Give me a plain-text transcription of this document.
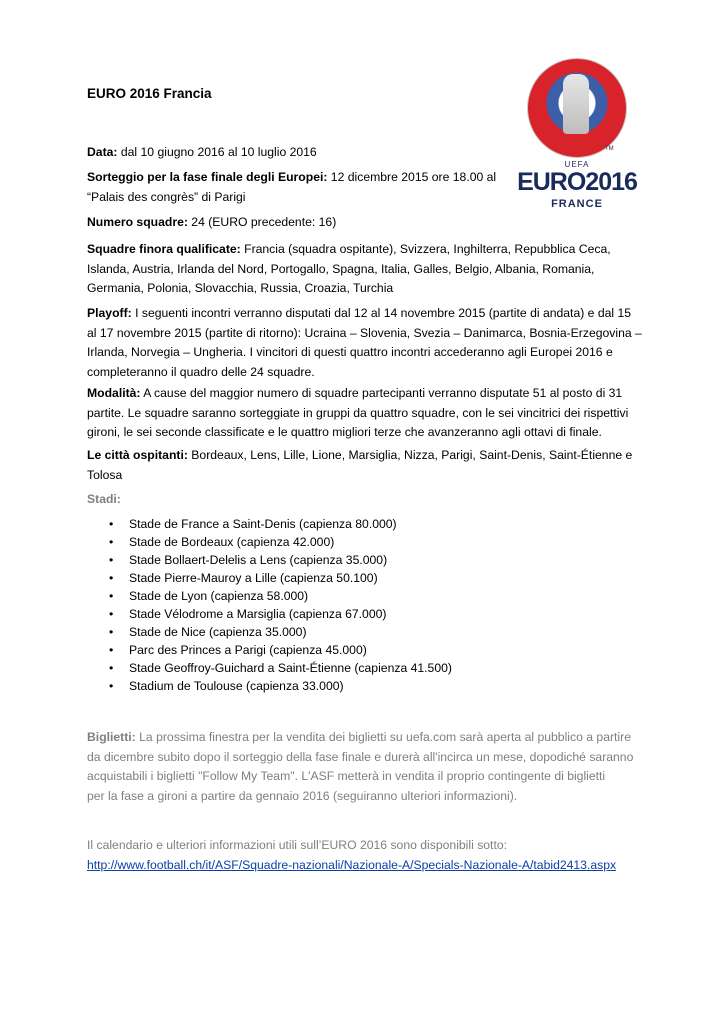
EURO 2016 Francia
TM
UEFA
EURO2016
FRANCE
Data: dal 10 giugno 2016 al 10 luglio 2016
Sorteggio per la fase finale degli Europei: 12 dicembre 2015 ore 18.00 al
“Palais des congrès” di Parigi
Numero squadre: 24 (EURO precedente: 16)
Squadre finora qualificate: Francia (squadra ospitante), Svizzera, Inghilterra, Repubblica Ceca,
Islanda, Austria, Irlanda del Nord, Portogallo, Spagna, Italia, Galles, Belgio, Albania, Romania,
Germania, Polonia, Slovacchia, Russia, Croazia, Turchia
Playoff: I seguenti incontri verranno disputati dal 12 al 14 novembre 2015 (partite di andata) e dal 15
al 17 novembre 2015 (partite di ritorno): Ucraina – Slovenia, Svezia – Danimarca, Bosnia-Erzegovina –
Irlanda, Norvegia – Ungheria. I vincitori di questi quattro incontri accederanno agli Europei 2016 e
completeranno il quadro delle 24 squadre.
Modalità: A cause del maggior numero di squadre partecipanti verranno disputate 51 al posto di 31
partite. Le squadre saranno sorteggiate in gruppi da quattro squadre, con le sei vincitrici dei rispettivi
gironi, le sei seconde classificate e le quattro migliori terze che avanzeranno agli ottavi di finale.
Le città ospitanti: Bordeaux, Lens, Lille, Lione, Marsiglia, Nizza, Parigi, Saint-Denis, Saint-Étienne e
Tolosa
Stadi:
• Stade de France a Saint-Denis (capienza 80.000)
• Stade de Bordeaux (capienza 42.000)
• Stade Bollaert-Delelis a Lens (capienza 35.000)
• Stade Pierre-Mauroy a Lille (capienza 50.100)
• Stade de Lyon (capienza 58.000)
• Stade Vélodrome a Marsiglia (capienza 67.000)
• Stade de Nice (capienza 35.000)
• Parc des Princes a Parigi (capienza 45.000)
• Stade Geoffroy-Guichard a Saint-Étienne (capienza 41.500)
• Stadium de Toulouse (capienza 33.000)
Biglietti: La prossima finestra per la vendita dei biglietti su uefa.com sarà aperta al pubblico a partire
da dicembre subito dopo il sorteggio della fase finale e durerà all'incirca un mese, dopodiché saranno
acquistabili i biglietti "Follow My Team". L'ASF metterà in vendita il proprio contingente di biglietti
per la fase a gironi a partire da gennaio 2016 (seguiranno ulteriori informazioni).
Il calendario e ulteriori informazioni utili sull’EURO 2016 sono disponibili sotto:
http://www.football.ch/it/ASF/Squadre-nazionali/Nazionale-A/Specials-Nazionale-A/tabid2413.aspx
